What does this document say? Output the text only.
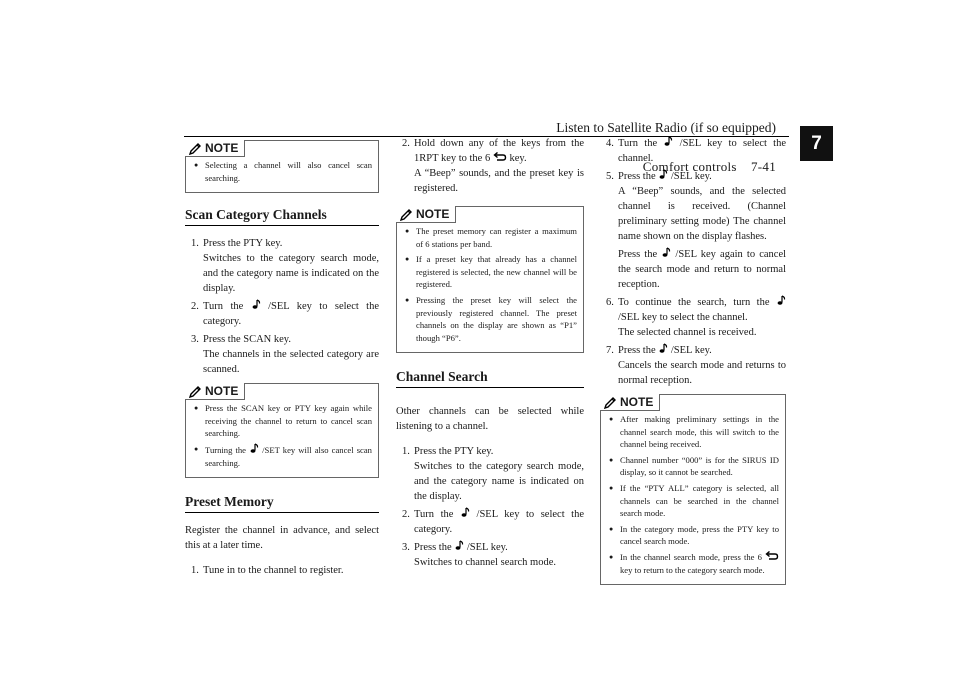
Listen to Satellite Radio (if so equipped)
Comfort controls 7-41
7
NOTE
● Selecting a channel will also cancel scan searching.
Scan Category Channels
1. Press the PTY key.
Switches to the category search mode, and the category name is indicated on the display.
2. Turn the /SEL key to select the category.
3. Press the SCAN key.
The channels in the selected category are scanned.
NOTE
● Press the SCAN key or PTY key again while receiving the channel to return to cancel scan searching.
● Turning the /SET key will also cancel scan searching.
Preset Memory
Register the channel in advance, and select this at a later time.
1. Tune in to the channel to register.
2. Hold down any of the keys from the 1RPT key to the 6 key.
A “Beep” sounds, and the preset key is registered.
NOTE
● The preset memory can register a maximum of 6 stations per band.
● If a preset key that already has a channel registered is selected, the new channel will be registered.
● Pressing the preset key will select the previously registered channel. The preset channels on the display are shown as “P1” though “P6”.
Channel Search
Other channels can be selected while listening to a channel.
1. Press the PTY key.
Switches to the category search mode, and the category name is indicated on the display.
2. Turn the /SEL key to select the category.
3. Press the /SEL key.
Switches to channel search mode.
4. Turn the /SEL key to select the channel.
5. Press the /SEL key.
A “Beep” sounds, and the selected channel is received. (Channel preliminary setting mode) The channel name shown on the display flashes.
Press the /SEL key again to cancel the search mode and return to normal reception.
6. To continue the search, turn the  /SEL key to select the channel.
The selected channel is received.
7. Press the /SEL key.
Cancels the search mode and returns to normal reception.
NOTE
● After making preliminary settings in the channel search mode, this will switch to the channel being received.
● Channel number “000” is for the SIRUS ID display, so it cannot be searched.
● If the “PTY ALL” category is selected, all channels can be searched in the channel search mode.
● In the category mode, press the PTY key to cancel search mode.
● In the channel search mode, press the 6  key to return to the category search mode.
